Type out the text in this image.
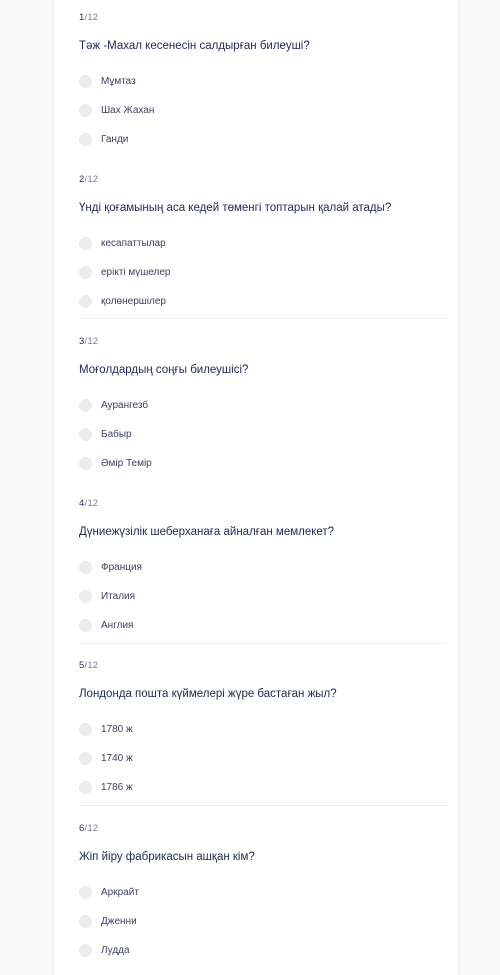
1/12
Тәж -Махал кесенесін салдырған билеуші?
Мұмтаз
Шах Жахан
Ганди
2/12
Үнді қоғамының аса кедей төменгі топтарын қалай атады?
кесапаттылар
ерікті мүшелер
қолөнершілер
3/12
Моғолдардың соңғы билеушісі?
Аурангезб
Бабыр
Әмір Темір
4/12
Дүниежүзілік шеберханаға айналған мемлекет?
Франция
Италия
Англия
5/12
Лондонда пошта күймелері жүре бастаған жыл?
1780 ж
1740 ж
1786 ж
6/12
Жіп йіру фабрикасын ашқан кім?
Аркрайт
Дженни
Лудда
